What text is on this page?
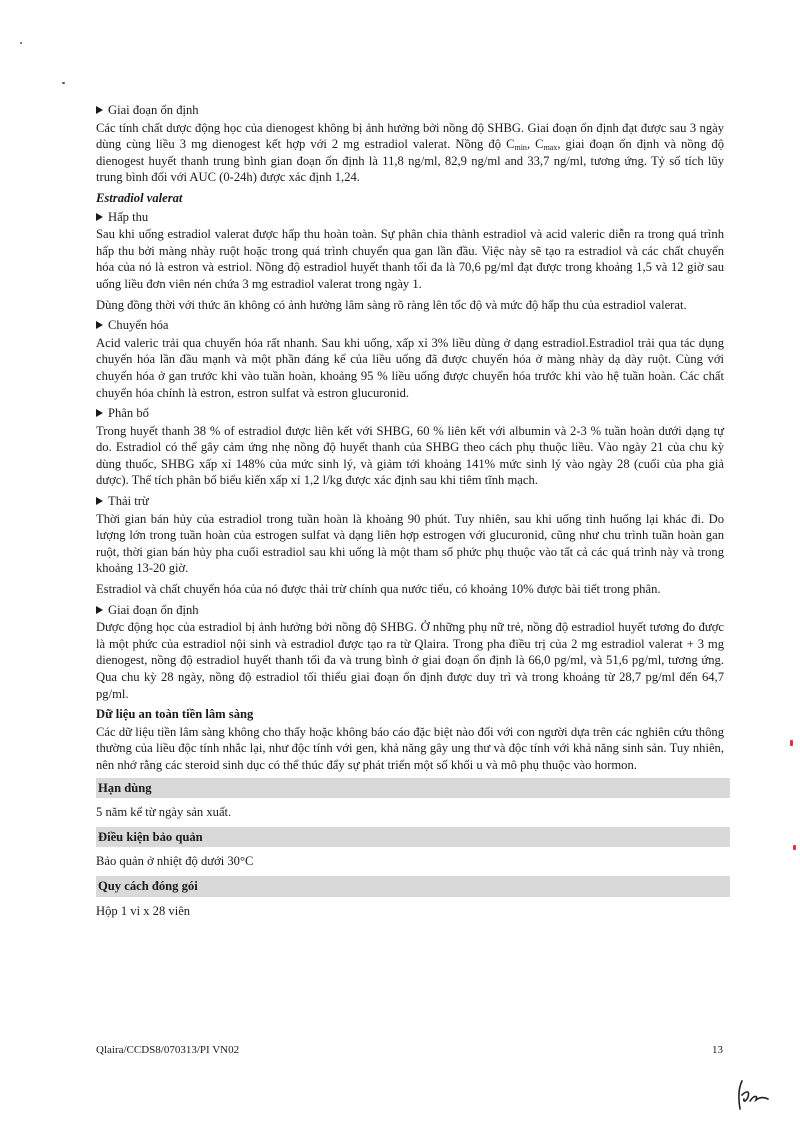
Giai đoạn ổn định

Các tính chất dược động học của dienogest không bị ảnh hưởng bởi nồng độ SHBG. Giai đoạn ổn định đạt được sau 3 ngày dùng cùng liều 3 mg dienogest kết hợp với 2 mg estradiol valerat. Nồng độ $C_{min}$, $C_{max}$, giai đoạn ổn định và nồng độ dienogest huyết thanh trung bình gian đoạn ổn định là 11,8 ng/ml, 82,9 ng/ml and 33,7 ng/ml, tương ứng. Tỷ số tích lũy trung bình đối với AUC (0-24h) được xác định 1,24.

Estradiol valerat
Hấp thu

Sau khi uống estradiol valerat được hấp thu hoàn toàn. Sự phân chia thành estradiol và acid valeric diễn ra trong quá trình hấp thu bởi màng nhày ruột hoặc trong quá trình chuyển qua gan lần đầu. Việc này sẽ tạo ra estradiol và các chất chuyển hóa của nó là estron và estriol. Nồng độ estradiol huyết thanh tối đa là 70,6 pg/ml đạt được trong khoảng 1,5 và 12 giờ sau uống liều đơn viên nén chứa 3 mg estradiol valerat trong ngày 1.

Dùng đồng thời với thức ăn không có ảnh hưởng lâm sàng rõ ràng lên tốc độ và mức độ hấp thu của estradiol valerat.

Chuyển hóa

Acid valeric trải qua chuyển hóa rất nhanh. Sau khi uống, xấp xỉ 3% liều dùng ở dạng estradiol.Estradiol trải qua tác dụng chuyển hóa lần đầu mạnh và một phần đáng kể của liều uống đã được chuyển hóa ở màng nhày dạ dày ruột. Cùng với chuyển hóa ở gan trước khi vào tuần hoàn, khoảng 95 % liều uống được chuyển hóa trước khi vào hệ tuần hoàn. Các chất chuyển hóa chính là estron, estron sulfat và estron glucuronid.

Phân bố

Trong huyết thanh 38 % of estradiol được liên kết với SHBG, 60 % liên kết với albumin và 2-3 % tuần hoàn dưới dạng tự do. Estradiol có thể gây cảm ứng nhẹ nồng độ huyết thanh của SHBG theo cách phụ thuộc liều. Vào ngày 21 của chu kỳ dùng thuốc, SHBG xấp xỉ 148% của mức sinh lý, và giảm tới khoảng 141% mức sinh lý vào ngày 28 (cuối của pha giả dược). Thể tích phân bố biểu kiến xấp xỉ 1,2 l/kg được xác định sau khi tiêm tĩnh mạch.

Thải trừ

Thời gian bán hủy của estradiol trong tuần hoàn là khoảng 90 phút. Tuy nhiên, sau khi uống tình huống lại khác đi. Do lượng lớn trong tuần hoàn của estrogen sulfat và dạng liên hợp estrogen với glucuronid, cũng như chu trình tuần hoàn gan ruột, thời gian bán hủy pha cuối estradiol sau khi uống là một tham số phức phụ thuộc vào tất cả các quá trình này và trong khoảng 13-20 giờ.

Estradiol và chất chuyển hóa của nó được thải trừ chính qua nước tiểu, có khoảng 10% được bài tiết trong phân.

Giai đoạn ổn định

Dược động học của estradiol bị ảnh hưởng bởi nồng độ SHBG. Ở những phụ nữ trẻ, nồng độ estradiol huyết tương đo được là một phức của estradiol nội sinh và estradiol được tạo ra từ Qlaira. Trong pha điều trị của 2 mg estradiol valerat + 3 mg dienogest, nồng độ estradiol huyết thanh tối đa và trung bình ở giai đoạn ổn định là 66,0 pg/ml, và 51,6 pg/ml, tương ứng. Qua chu kỳ 28 ngày, nồng độ estradiol tối thiểu giai đoạn ổn định được duy trì và trong khoảng từ 28,7 pg/ml đến 64,7 pg/ml.

Dữ liệu an toàn tiền lâm sàng

Các dữ liệu tiền lâm sàng không cho thấy hoặc không báo cáo đặc biệt nào đối với con người dựa trên các nghiên cứu thông thường của liều độc tính nhắc lại, như độc tính với gen, khả năng gây ung thư và độc tính với khả năng sinh sản. Tuy nhiên, nên nhớ rằng các steroid sinh dục có thể thúc đẩy sự phát triển một số khối u và mô phụ thuộc vào hormon.

Hạn dùng
5 năm kể từ ngày sản xuất.
Điều kiện bảo quản
Bảo quản ở nhiệt độ dưới 30°C
Quy cách đóng gói
Hộp 1 vỉ x 28 viên
Qlaira/CCDS8/070313/PI VN02	13
